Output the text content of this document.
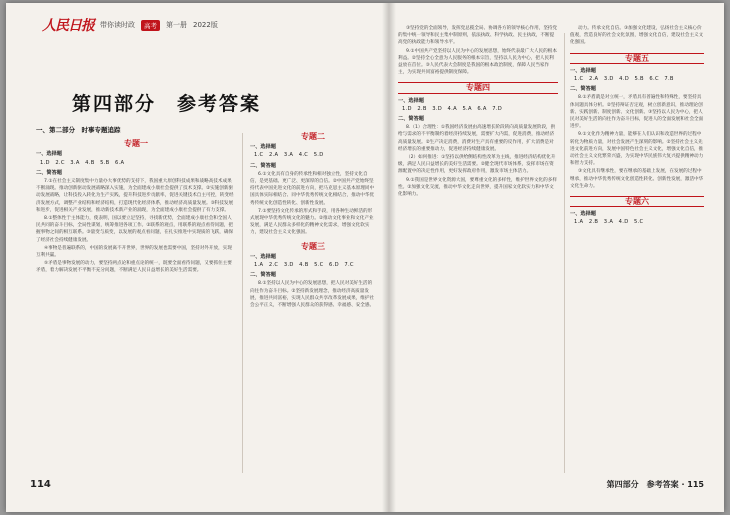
人民日报 带你读时政	高考	第一册 2022版
第四部分　参考答案
一、第二部分　时事专题追踪
专题一
一、选择题
1.D　2.C　3.A　4.B　5.B　6.A
二、简答题

7.①在社会主义制度集中力量办大事优势的支持下，我国重大原创科技成果和战略高技术成果不断涌现。推动创新驱动发展战略深入实施，为全面建成小康社会提供了技术支撑。②实施创新驱动发展战略，让科技投入转化为生产实践，提升科技进步贡献率，促进关键技术自主可控，转变经济发展方式，调整产业结构和经济结构，打造现代化经济体系，推动经济高质量发展。③科技发展和进步，促进相关产业发展，推动新技术新产业的涌现，为全面建成小康社会提供了有力支撑。

8.①整体性于主体能力，使表明，国以要立足坚持，寻找新优势，全面建成小康社会和全国人民共同的奋斗目标，全局性谋划，统筹推进各项工作。②联系的观点，用联系的观点看待问题，把握事物之间的相互联系。③量变与质变，以发展的观点看问题，在扎实推进中实现质的飞跃，确保了经济社会持续健康发展。

④事物是普遍联系的，中国的发展离不开世界，世界的发展也需要中国，坚持对外开放，实现互利共赢。

⑤矛盾是事物发展的动力，要坚持两点论和重点论的统一，既要全面看待问题，又要抓住主要矛盾，着力解决发展不平衡不充分问题，不断满足人民日益增长的美好生活需要。

专题二
一、选择题
1.C　2.A　3.A　4.C　5.D
二、简答题

6.①文化具有自身的传承性和相对独立性，坚持文化自信，是更基础、更广泛、更深厚的自信。②中国共产党始终坚持代表中国先进文化的前进方向，把马克思主义基本原理同中国具体实际相结合、同中华优秀传统文化相结合，推动中华优秀传统文化创造性转化、创新性发展。

7.①要坚持文化传承的形式和手段，用各种生动鲜活的形式展现中华优秀传统文化的魅力。②推动文化事业和文化产业发展，满足人民群众多样化的精神文化需求，增强文化软实力，建设社会主义文化强国。

专题三
一、选择题
1.A　2.C　3.D　4.B　5.C　6.D　7.C
二、简答题

8.①坚持以人民为中心的发展思想，把人民对美好生活的向往作为奋斗目标。②坚持新发展理念，推动经济高质量发展，推进共同富裕，实现人民群众共享改革发展成果，维护社会公平正义，不断增强人民群众的获得感、幸福感、安全感。

③坚持党的全面领导，发挥党总揽全局、协调各方的领导核心作用，坚持党的集中统一领导和民主集中制原则，依法执政、科学执政、民主执政，不断提高党的执政能力和领导水平。

9.①中国共产党坚持以人民为中心的发展思想，始终代表最广大人民的根本利益。②坚持全心全意为人民服务的根本宗旨，坚持以人民为中心，把人民利益放在首位。③人民代表大会制度是我国的根本政治制度，保障人民当家作主，为实现共同富裕提供制度保障。

专题四
一、选择题
1.D　2.B　3.D　4.A　5.A　6.A　7.D
二、简答题

8.（1）合理性：①我国经济发展由高速增长阶段转向高质量发展阶段，供给与需求的不平衡制约着经济持续发展，需要扩大内需，促进消费，推动经济高质量发展。②生产决定消费，消费对生产具有重要的反作用，扩大消费是对经济增长的重要推动力，促进经济持续健康发展。

（2）如何推进：①坚持以供给侧结构性改革为主线，推进经济结构优化升级，满足人民日益增长的美好生活需要。②健全现代市场体系，发挥市场在资源配置中的决定性作用，更好发挥政府作用，激发市场主体活力。

9.①我国是世界文化资源大国，要尊重文化的多样性，维护世界文化的多样性。②加强文化交流，推动中华文化走向世界，提升国家文化软实力和中华文化影响力。

动力。传承文化自信。③加强文化建设，弘扬社会主义核心价值观，营造良好的社会文化氛围，增强文化自信，建设社会主义文化强国。

专题五
一、选择题
1.C　2.A　3.D　4.D　5.B　6.C　7.B
二、简答题

8.①矛盾就是对立统一，矛盾具有普遍性和特殊性，要坚持具体问题具体分析。②坚持辩证否定观，树立创新意识，推动理论创新、实践创新、制度创新、文化创新。③坚持以人民为中心，把人民对美好生活的向往作为奋斗目标，促进人的全面发展和社会全面进步。

9.①文化作为精神力量，能够在人们认识和改造世界的过程中转化为物质力量，对社会发展产生深刻的影响。②坚持社会主义先进文化前进方向，发展中国特色社会主义文化，增强文化自信，推动社会主义文化繁荣兴盛，为实现中华民族伟大复兴提供精神动力和智力支持。

③文化具有继承性，要在继承的基础上发展，在发展的过程中继承，推动中华优秀传统文化创造性转化、创新性发展，激活中华文化生命力。

专题六
一、选择题
1.A　2.B　3.A　4.D　5.C
114	第四部分　参考答案 · 115
